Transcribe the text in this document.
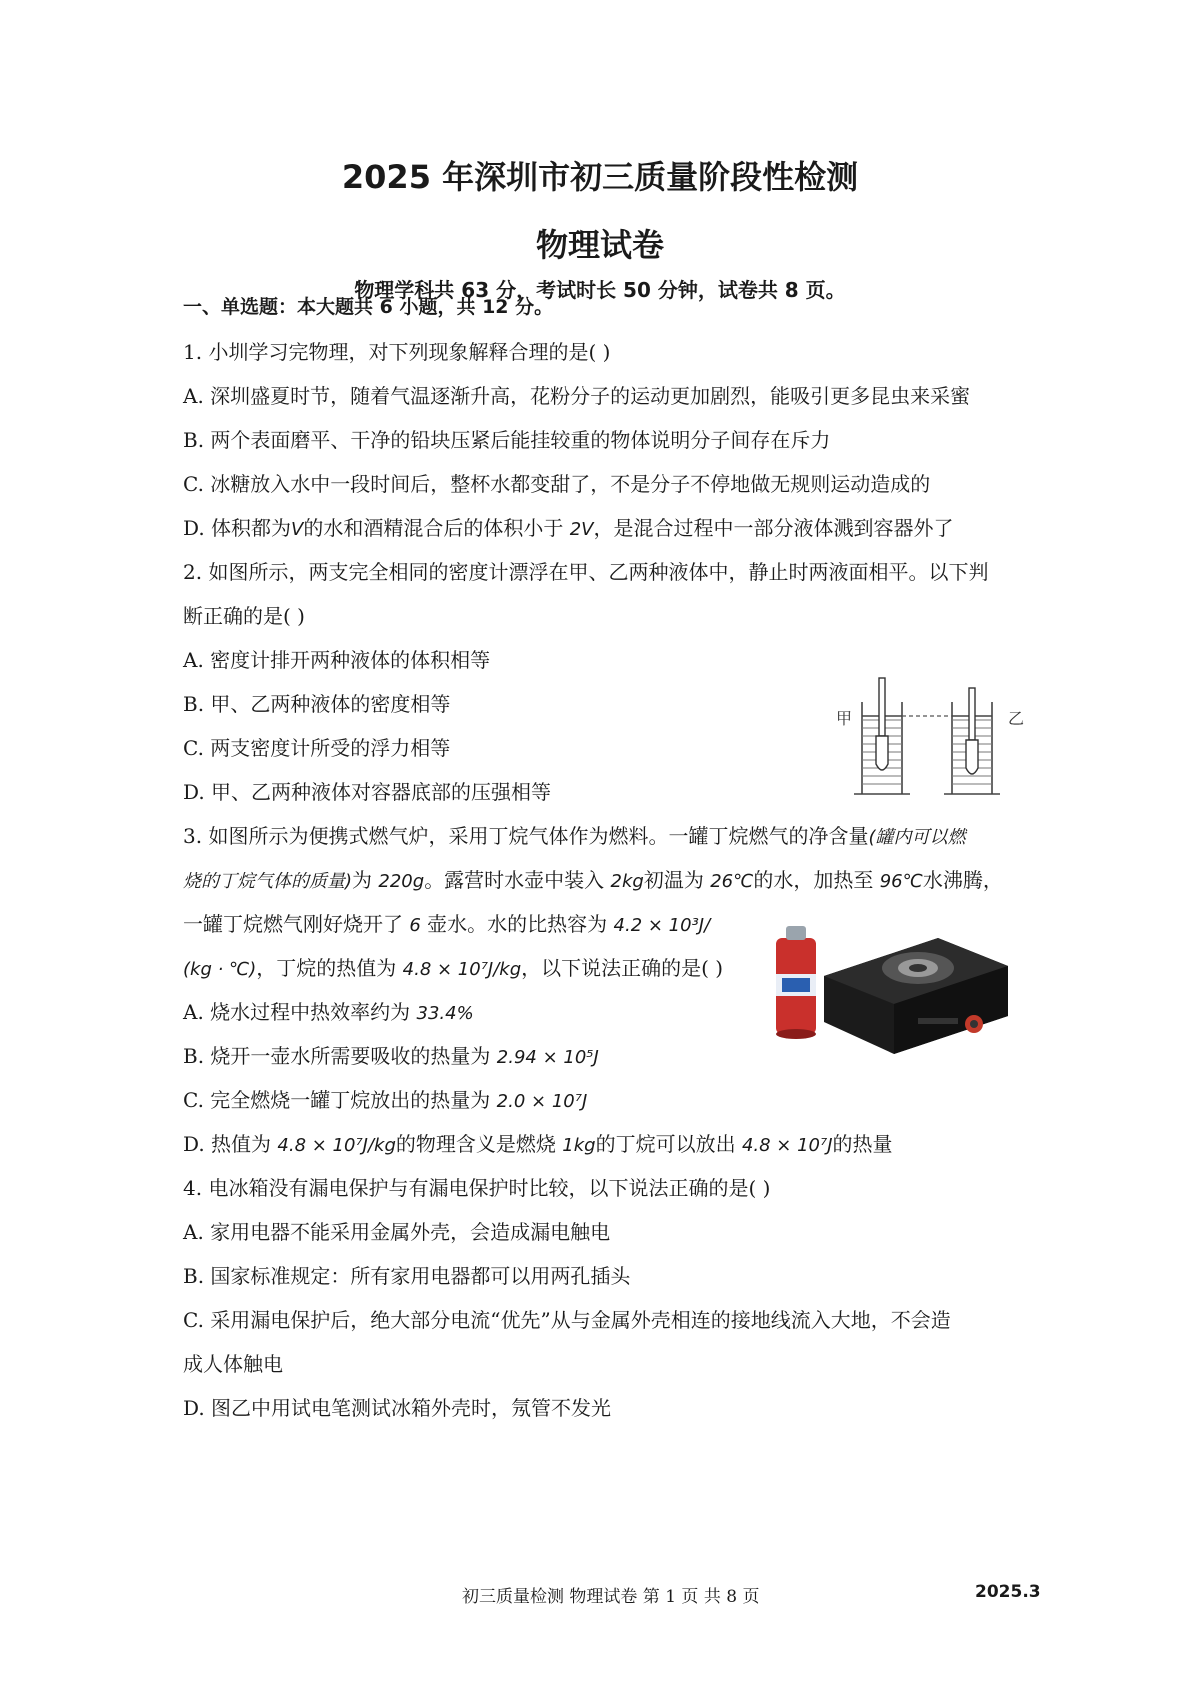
2025 年深圳市初三质量阶段性检测
物理试卷
物理学科共 63 分，考试时长 50 分钟，试卷共 8 页。
一、单选题：本大题共 6 小题，共 12 分。
1. 小圳学习完物理，对下列现象解释合理的是( )
A. 深圳盛夏时节，随着气温逐渐升高，花粉分子的运动更加剧烈，能吸引更多昆虫来采蜜
B. 两个表面磨平、干净的铅块压紧后能挂较重的物体说明分子间存在斥力
C. 冰糖放入水中一段时间后，整杯水都变甜了，不是分子不停地做无规则运动造成的
D. 体积都为V的水和酒精混合后的体积小于 2V，是混合过程中一部分液体溅到容器外了
2. 如图所示，两支完全相同的密度计漂浮在甲、乙两种液体中，静止时两液面相平。以下判
断正确的是( )
A. 密度计排开两种液体的体积相等
B. 甲、乙两种液体的密度相等
C. 两支密度计所受的浮力相等
D. 甲、乙两种液体对容器底部的压强相等
甲	乙
3. 如图所示为便携式燃气炉，采用丁烷气体作为燃料。一罐丁烷燃气的净含量(罐内可以燃
烧的丁烷气体的质量)为 220g。露营时水壶中装入 2kg初温为 26℃的水，加热至 96℃水沸腾，
一罐丁烷燃气刚好烧开了 6 壶水。水的比热容为 4.2 × 10³J/
(kg · ℃)，丁烷的热值为 4.8 × 10⁷J/kg，以下说法正确的是( )
A. 烧水过程中热效率约为 33.4%
B. 烧开一壶水所需要吸收的热量为 2.94 × 10⁵J
C. 完全燃烧一罐丁烷放出的热量为 2.0 × 10⁷J
D. 热值为 4.8 × 10⁷J/kg的物理含义是燃烧 1kg的丁烷可以放出 4.8 × 10⁷J的热量
4. 电冰箱没有漏电保护与有漏电保护时比较，以下说法正确的是( )
A. 家用电器不能采用金属外壳，会造成漏电触电
B. 国家标准规定：所有家用电器都可以用两孔插头
C. 采用漏电保护后，绝大部分电流“优先”从与金属外壳相连的接地线流入大地，不会造
成人体触电
D. 图乙中用试电笔测试冰箱外壳时，氖管不发光
初三质量检测 物理试卷 第 1 页 共 8 页	2025.3
